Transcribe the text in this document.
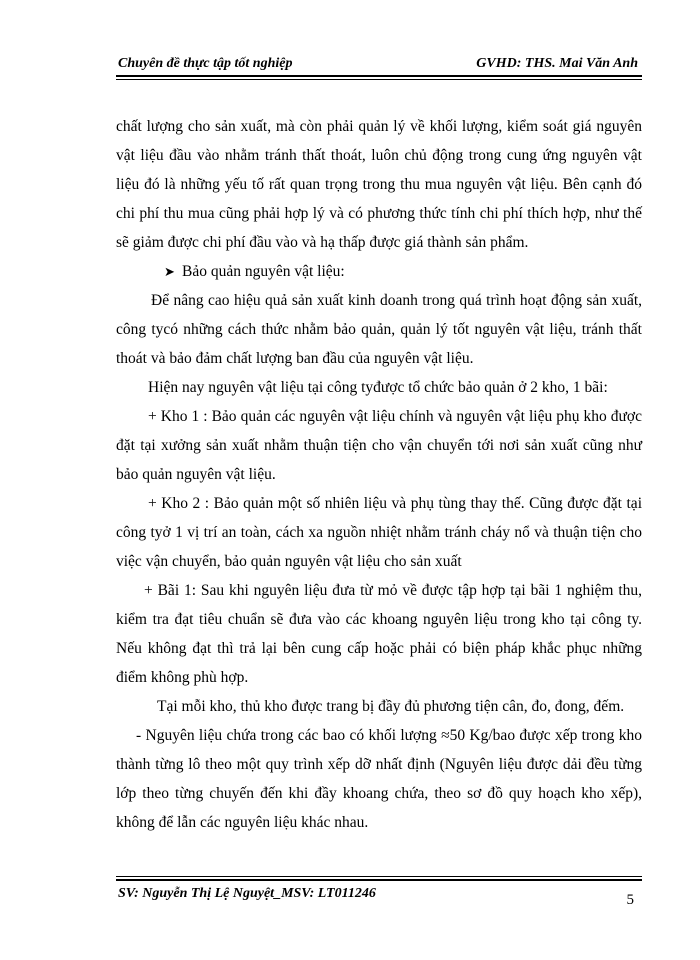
Chuyên đề thực tập tốt nghiệp	GVHD: THS. Mai Văn Anh

chất lượng cho sản xuất, mà còn phải quản lý về khối lượng, kiểm soát giá nguyên vật liệu đầu vào nhằm tránh thất thoát, luôn chủ động trong cung ứng nguyên vật liệu đó là những yếu tố rất quan trọng trong thu mua nguyên vật liệu. Bên cạnh đó chi phí thu mua cũng phải hợp lý và có phương thức tính chi phí thích hợp, như thế sẽ giảm được chi phí đầu vào và hạ thấp được giá thành sản phẩm.

➤ Bảo quản nguyên vật liệu:

Để nâng cao hiệu quả sản xuất kinh doanh trong quá trình hoạt động sản xuất, công tycó những cách thức nhằm bảo quản, quản lý tốt nguyên vật liệu, tránh thất thoát và bảo đảm chất lượng ban đầu của nguyên vật liệu.

Hiện nay nguyên vật liệu tại công tyđược tổ chức bảo quản ở 2 kho, 1 bãi:

+ Kho 1 : Bảo quản các nguyên vật liệu chính và nguyên vật liệu phụ kho được đặt tại xưởng sản xuất nhằm thuận tiện cho vận chuyển tới nơi sản xuất cũng như bảo quản nguyên vật liệu.

+ Kho 2 : Bảo quản một số nhiên liệu và phụ tùng thay thế. Cũng được đặt tại công tyở 1 vị trí an toàn, cách xa nguồn nhiệt nhằm tránh cháy nổ và thuận tiện cho việc vận chuyển, bảo quản nguyên vật liệu cho sản xuất

+ Bãi 1: Sau khi nguyên liệu đưa từ mỏ về được tập hợp tại bãi 1 nghiệm thu, kiểm tra đạt tiêu chuẩn sẽ đưa vào các khoang nguyên liệu trong kho tại công ty. Nếu không đạt thì trả lại bên cung cấp hoặc phải có biện pháp khắc phục những điểm không phù hợp.

Tại mỗi kho, thủ kho được trang bị đầy đủ phương tiện cân, đo, đong, đếm.

- Nguyên liệu chứa trong các bao có khối lượng ≈50 Kg/bao được xếp trong kho thành từng lô theo một quy trình xếp dỡ nhất định (Nguyên liệu được dải đều từng lớp theo từng chuyến đến khi đầy khoang chứa, theo sơ đồ quy hoạch kho xếp), không để lẫn các nguyên liệu khác nhau.

SV: Nguyễn Thị Lệ Nguyệt_MSV: LT011246	5
